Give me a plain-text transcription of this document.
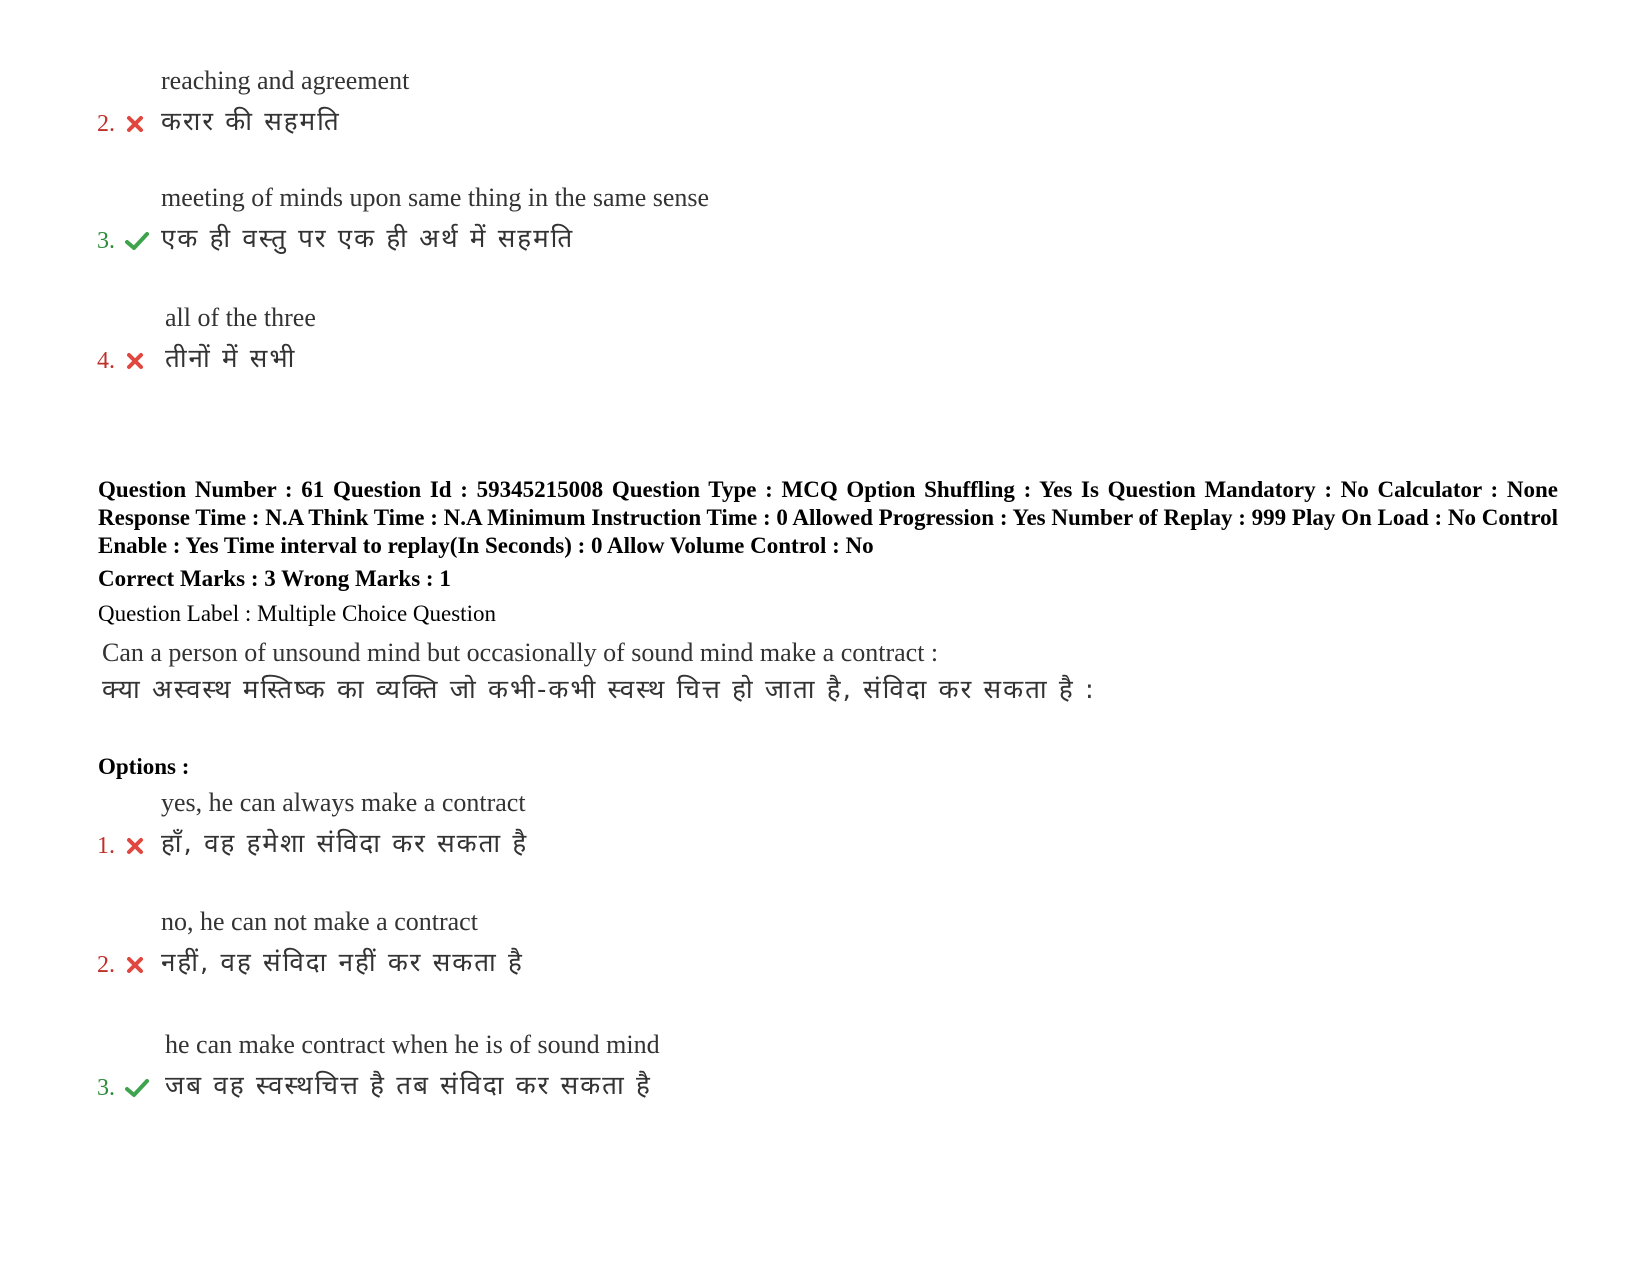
reaching and agreement
करार की सहमति
2.
meeting of minds upon same thing in the same sense
एक ही वस्तु पर एक ही अर्थ में सहमति
3.
all of the three
तीनों में सभी
4.
Question Number : 61 Question Id : 59345215008 Question Type : MCQ Option Shuffling : Yes Is Question Mandatory : No Calculator : None Response Time : N.A Think Time : N.A Minimum Instruction Time : 0 Allowed Progression : Yes Number of Replay : 999 Play On Load : No Control Enable : Yes Time interval to replay(In Seconds) : 0 Allow Volume Control : No
Correct Marks : 3 Wrong Marks : 1
Question Label : Multiple Choice Question
Can a person of unsound mind but occasionally of sound mind make a contract :
क्या अस्वस्थ मस्तिष्क का व्यक्ति जो कभी-कभी स्वस्थ चित्त हो जाता है, संविदा कर सकता है :
Options :
yes, he can always make a contract
हाँ, वह हमेशा संविदा कर सकता है
1.
no, he can not make a contract
नहीं, वह संविदा नहीं कर सकता है
2.
he can make contract when he is of sound mind
जब वह स्वस्थचित्त है तब संविदा कर सकता है
3.
